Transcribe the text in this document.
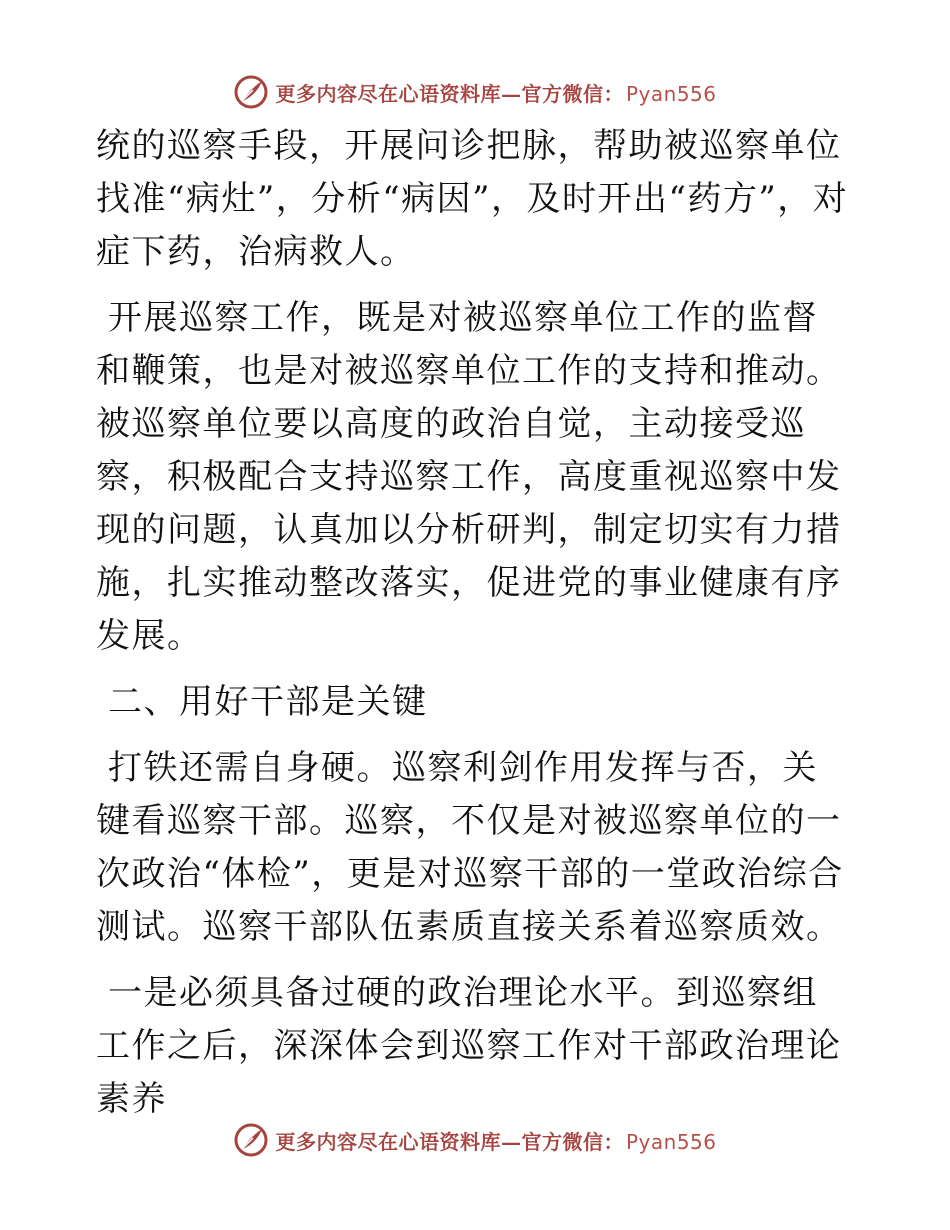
更多内容尽在心语资料库—官方微信： Pyan556

统的巡察手段，开展问诊把脉，帮助被巡察单位找准“病灶”，分析“病因”，及时开出“药方”，对症下药，治病救人。

开展巡察工作，既是对被巡察单位工作的监督和鞭策，也是对被巡察单位工作的支持和推动。被巡察单位要以高度的政治自觉，主动接受巡察，积极配合支持巡察工作，高度重视巡察中发现的问题，认真加以分析研判，制定切实有力措施，扎实推动整改落实，促进党的事业健康有序发展。

二、用好干部是关键

打铁还需自身硬。巡察利剑作用发挥与否，关键看巡察干部。巡察，不仅是对被巡察单位的一次政治“体检”，更是对巡察干部的一堂政治综合测试。巡察干部队伍素质直接关系着巡察质效。

一是必须具备过硬的政治理论水平。到巡察组工作之后，深深体会到巡察工作对干部政治理论素养

更多内容尽在心语资料库—官方微信： Pyan556
